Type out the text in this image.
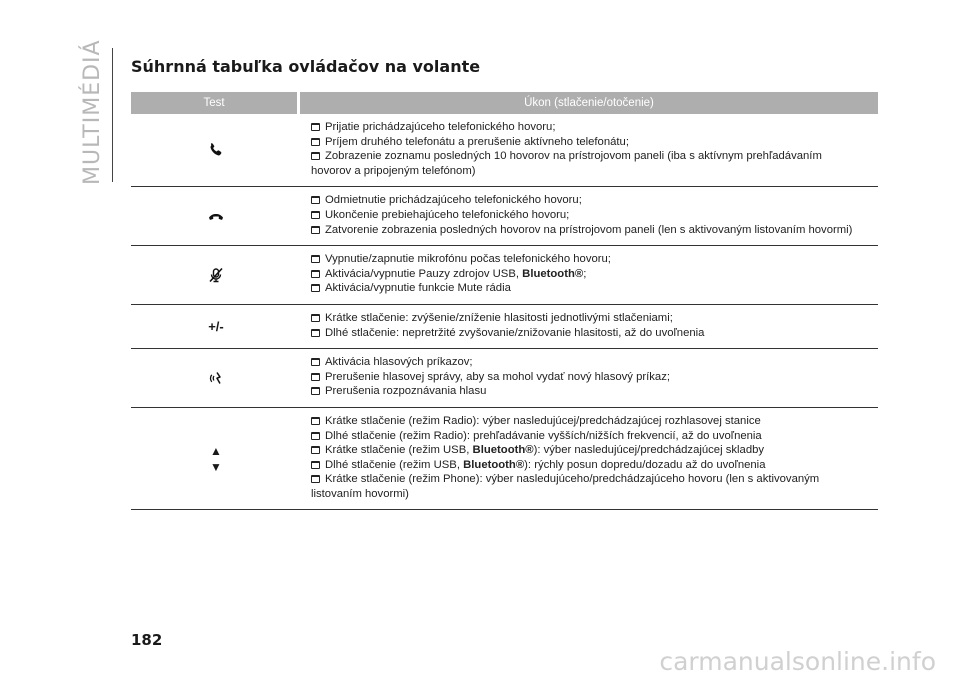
MULTIMÉDIÁ Súhrnná tabuľka ovládačov na volante
Test	Úkon (stlačenie/otočenie)
Prijatie prichádzajúceho telefonického hovoru;
Príjem druhého telefonátu a prerušenie aktívneho telefonátu;
Zobrazenie zoznamu posledných 10 hovorov na prístrojovom paneli (iba s aktívnym prehľadávaním
hovorov a pripojeným telefónom)
Odmietnutie prichádzajúceho telefonického hovoru;
Ukončenie prebiehajúceho telefonického hovoru;
Zatvorenie zobrazenia posledných hovorov na prístrojovom paneli (len s aktivovaným listovaním hovormi)
Vypnutie/zapnutie mikrofónu počas telefonického hovoru;
Aktivácia/vypnutie Pauzy zdrojov USB, Bluetooth®;
Aktivácia/vypnutie funkcie Mute rádia
+/-
Krátke stlačenie: zvýšenie/zníženie hlasitosti jednotlivými stlačeniami;
Dlhé stlačenie: nepretržité zvyšovanie/znižovanie hlasitosti, až do uvoľnenia
Aktivácia hlasových príkazov;
Prerušenie hlasovej správy, aby sa mohol vydať nový hlasový príkaz;
Prerušenia rozpoznávania hlasu
▲
▼
Krátke stlačenie (režim Radio): výber nasledujúcej/predchádzajúcej rozhlasovej stanice
Dlhé stlačenie (režim Radio): prehľadávanie vyšších/nižších frekvencií, až do uvoľnenia
Krátke stlačenie (režim USB, Bluetooth®): výber nasledujúcej/predchádzajúcej skladby
Dlhé stlačenie (režim USB, Bluetooth®): rýchly posun dopredu/dozadu až do uvoľnenia
Krátke stlačenie (režim Phone): výber nasledujúceho/predchádzajúceho hovoru (len s aktivovaným
listovaním hovormi)
182
carmanualsonline.info
